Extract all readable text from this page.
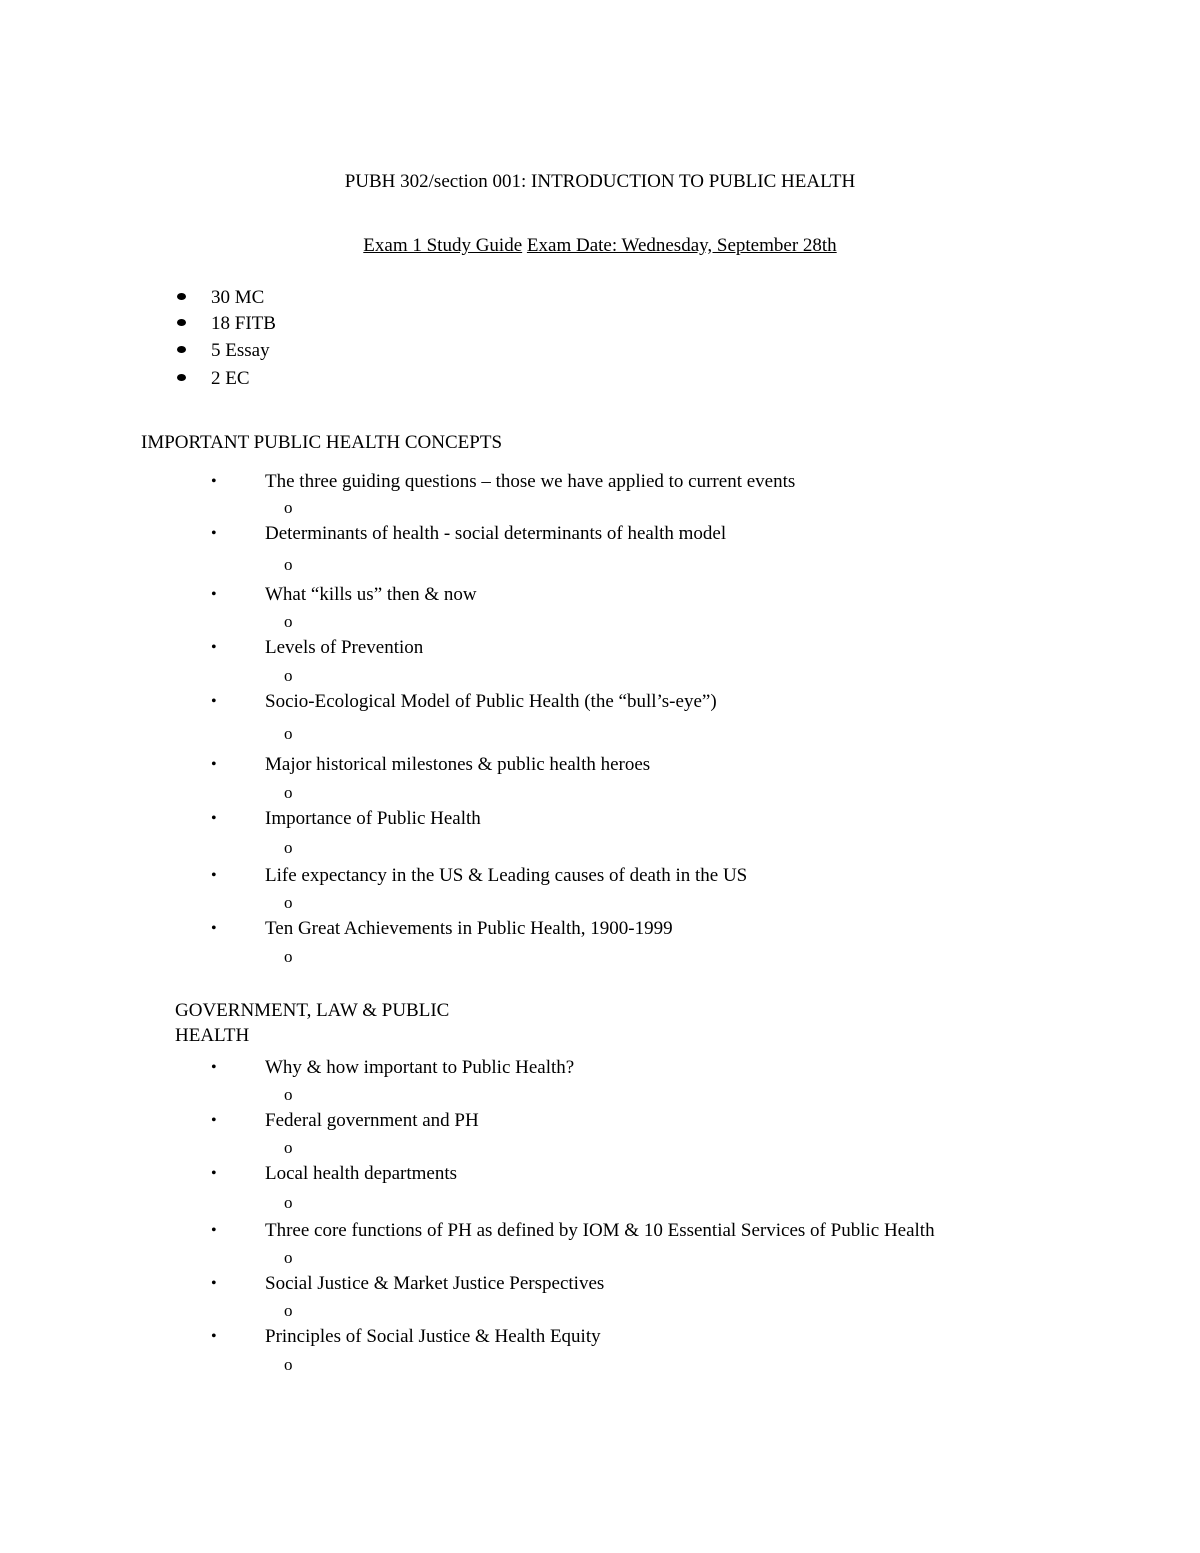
PUBH 302/section 001: INTRODUCTION TO PUBLIC HEALTH
Exam 1 Study Guide Exam Date: Wednesday, September 28th
30 MC
18 FITB
5 Essay
2 EC
IMPORTANT PUBLIC HEALTH CONCEPTS
•	The three guiding questions – those we have applied to current events
o
•	Determinants of health - social determinants of health model
o
•	What “kills us” then & now
o
•	Levels of Prevention
o
•	Socio-Ecological Model of Public Health (the “bull’s-eye”)
o
•	Major historical milestones & public health heroes
o
•	Importance of Public Health
o
•	Life expectancy in the US & Leading causes of death in the US
o
•	Ten Great Achievements in Public Health, 1900-1999
o
GOVERNMENT, LAW & PUBLIC
HEALTH
•	Why & how important to Public Health?
o
•	Federal government and PH
o
•	Local health departments
o
•	Three core functions of PH as defined by IOM & 10 Essential Services of Public Health
o
•	Social Justice & Market Justice Perspectives
o
•	Principles of Social Justice & Health Equity
o
